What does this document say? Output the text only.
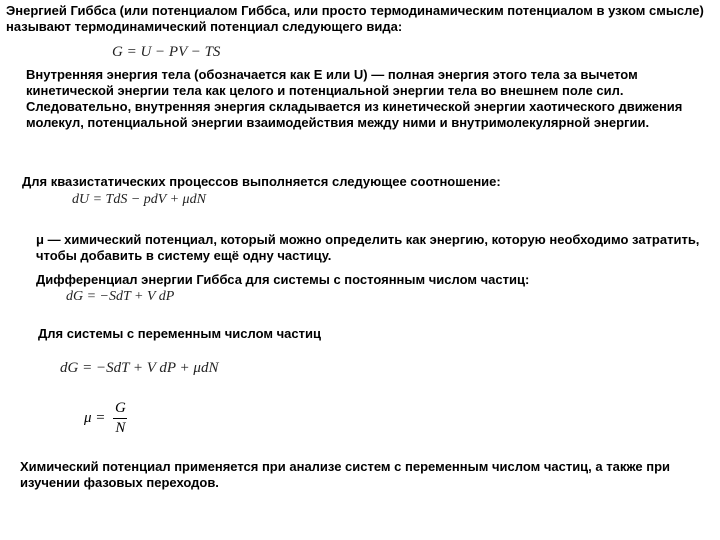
Энергией Гиббса (или потенциалом Гиббса, или просто термодинамическим потенциалом в узком смысле) называют термодинамический потенциал следующего вида:
G = U − PV − TS
Внутренняя энергия тела (обозначается как E или U) — полная энергия этого тела за вычетом кинетической энергии тела как целого и потенциальной энергии тела во внешнем поле сил. Следовательно, внутренняя энергия складывается из кинетической энергии хаотического движения молекул, потенциальной энергии взаимодействия между ними и внутримолекулярной энергии.
Для квазистатических процессов выполняется следующее соотношение:
dU = TdS − pdV + μdN
μ — химический потенциал, который можно определить как энергию, которую необходимо затратить, чтобы добавить в систему ещё одну частицу.
Дифференциал энергии Гиббса для системы с постоянным числом частиц:
dG = −SdT + V dP
Для системы с переменным числом частиц
dG = −SdT + V dP + μdN
$\mu = \frac{G}{N}$
Химический потенциал применяется при анализе систем с переменным числом частиц, а также при изучении фазовых переходов.
